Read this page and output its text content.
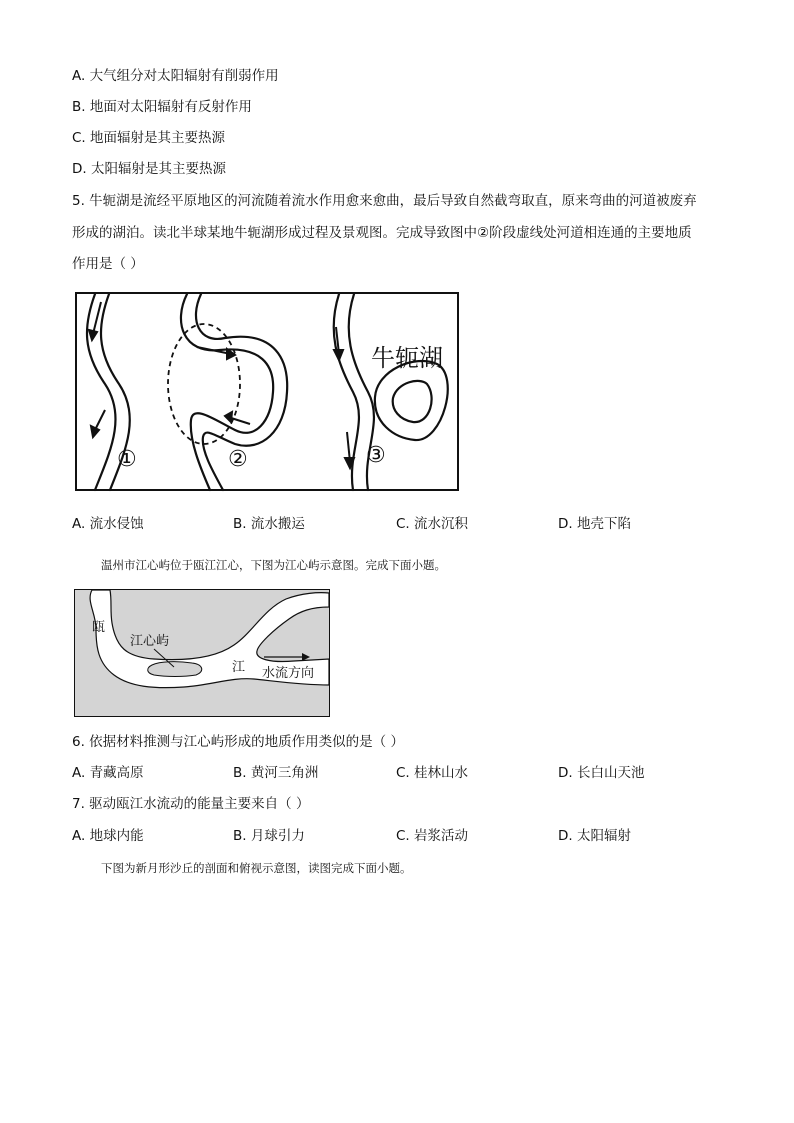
A. 大气组分对太阳辐射有削弱作用
B. 地面对太阳辐射有反射作用
C. 地面辐射是其主要热源
D. 太阳辐射是其主要热源
5. 牛轭湖是流经平原地区的河流随着流水作用愈来愈曲，最后导致自然截弯取直，原来弯曲的河道被废弃
形成的湖泊。读北半球某地牛轭湖形成过程及景观图。完成导致图中②阶段虚线处河道相连通的主要地质
作用是（ ）
①	②	③
牛轭湖
A. 流水侵蚀	B. 流水搬运	C. 流水沉积	D. 地壳下陷
温州市江心屿位于瓯江江心，下图为江心屿示意图。完成下面小题。
瓯
江心屿
江 水流方向
6. 依据材料推测与江心屿形成的地质作用类似的是（ ）
A. 青藏高原	B. 黄河三角洲	C. 桂林山水	D. 长白山天池
7. 驱动瓯江水流动的能量主要来自（ ）
A. 地球内能	B. 月球引力	C. 岩浆活动	D. 太阳辐射
下图为新月形沙丘的剖面和俯视示意图，读图完成下面小题。
